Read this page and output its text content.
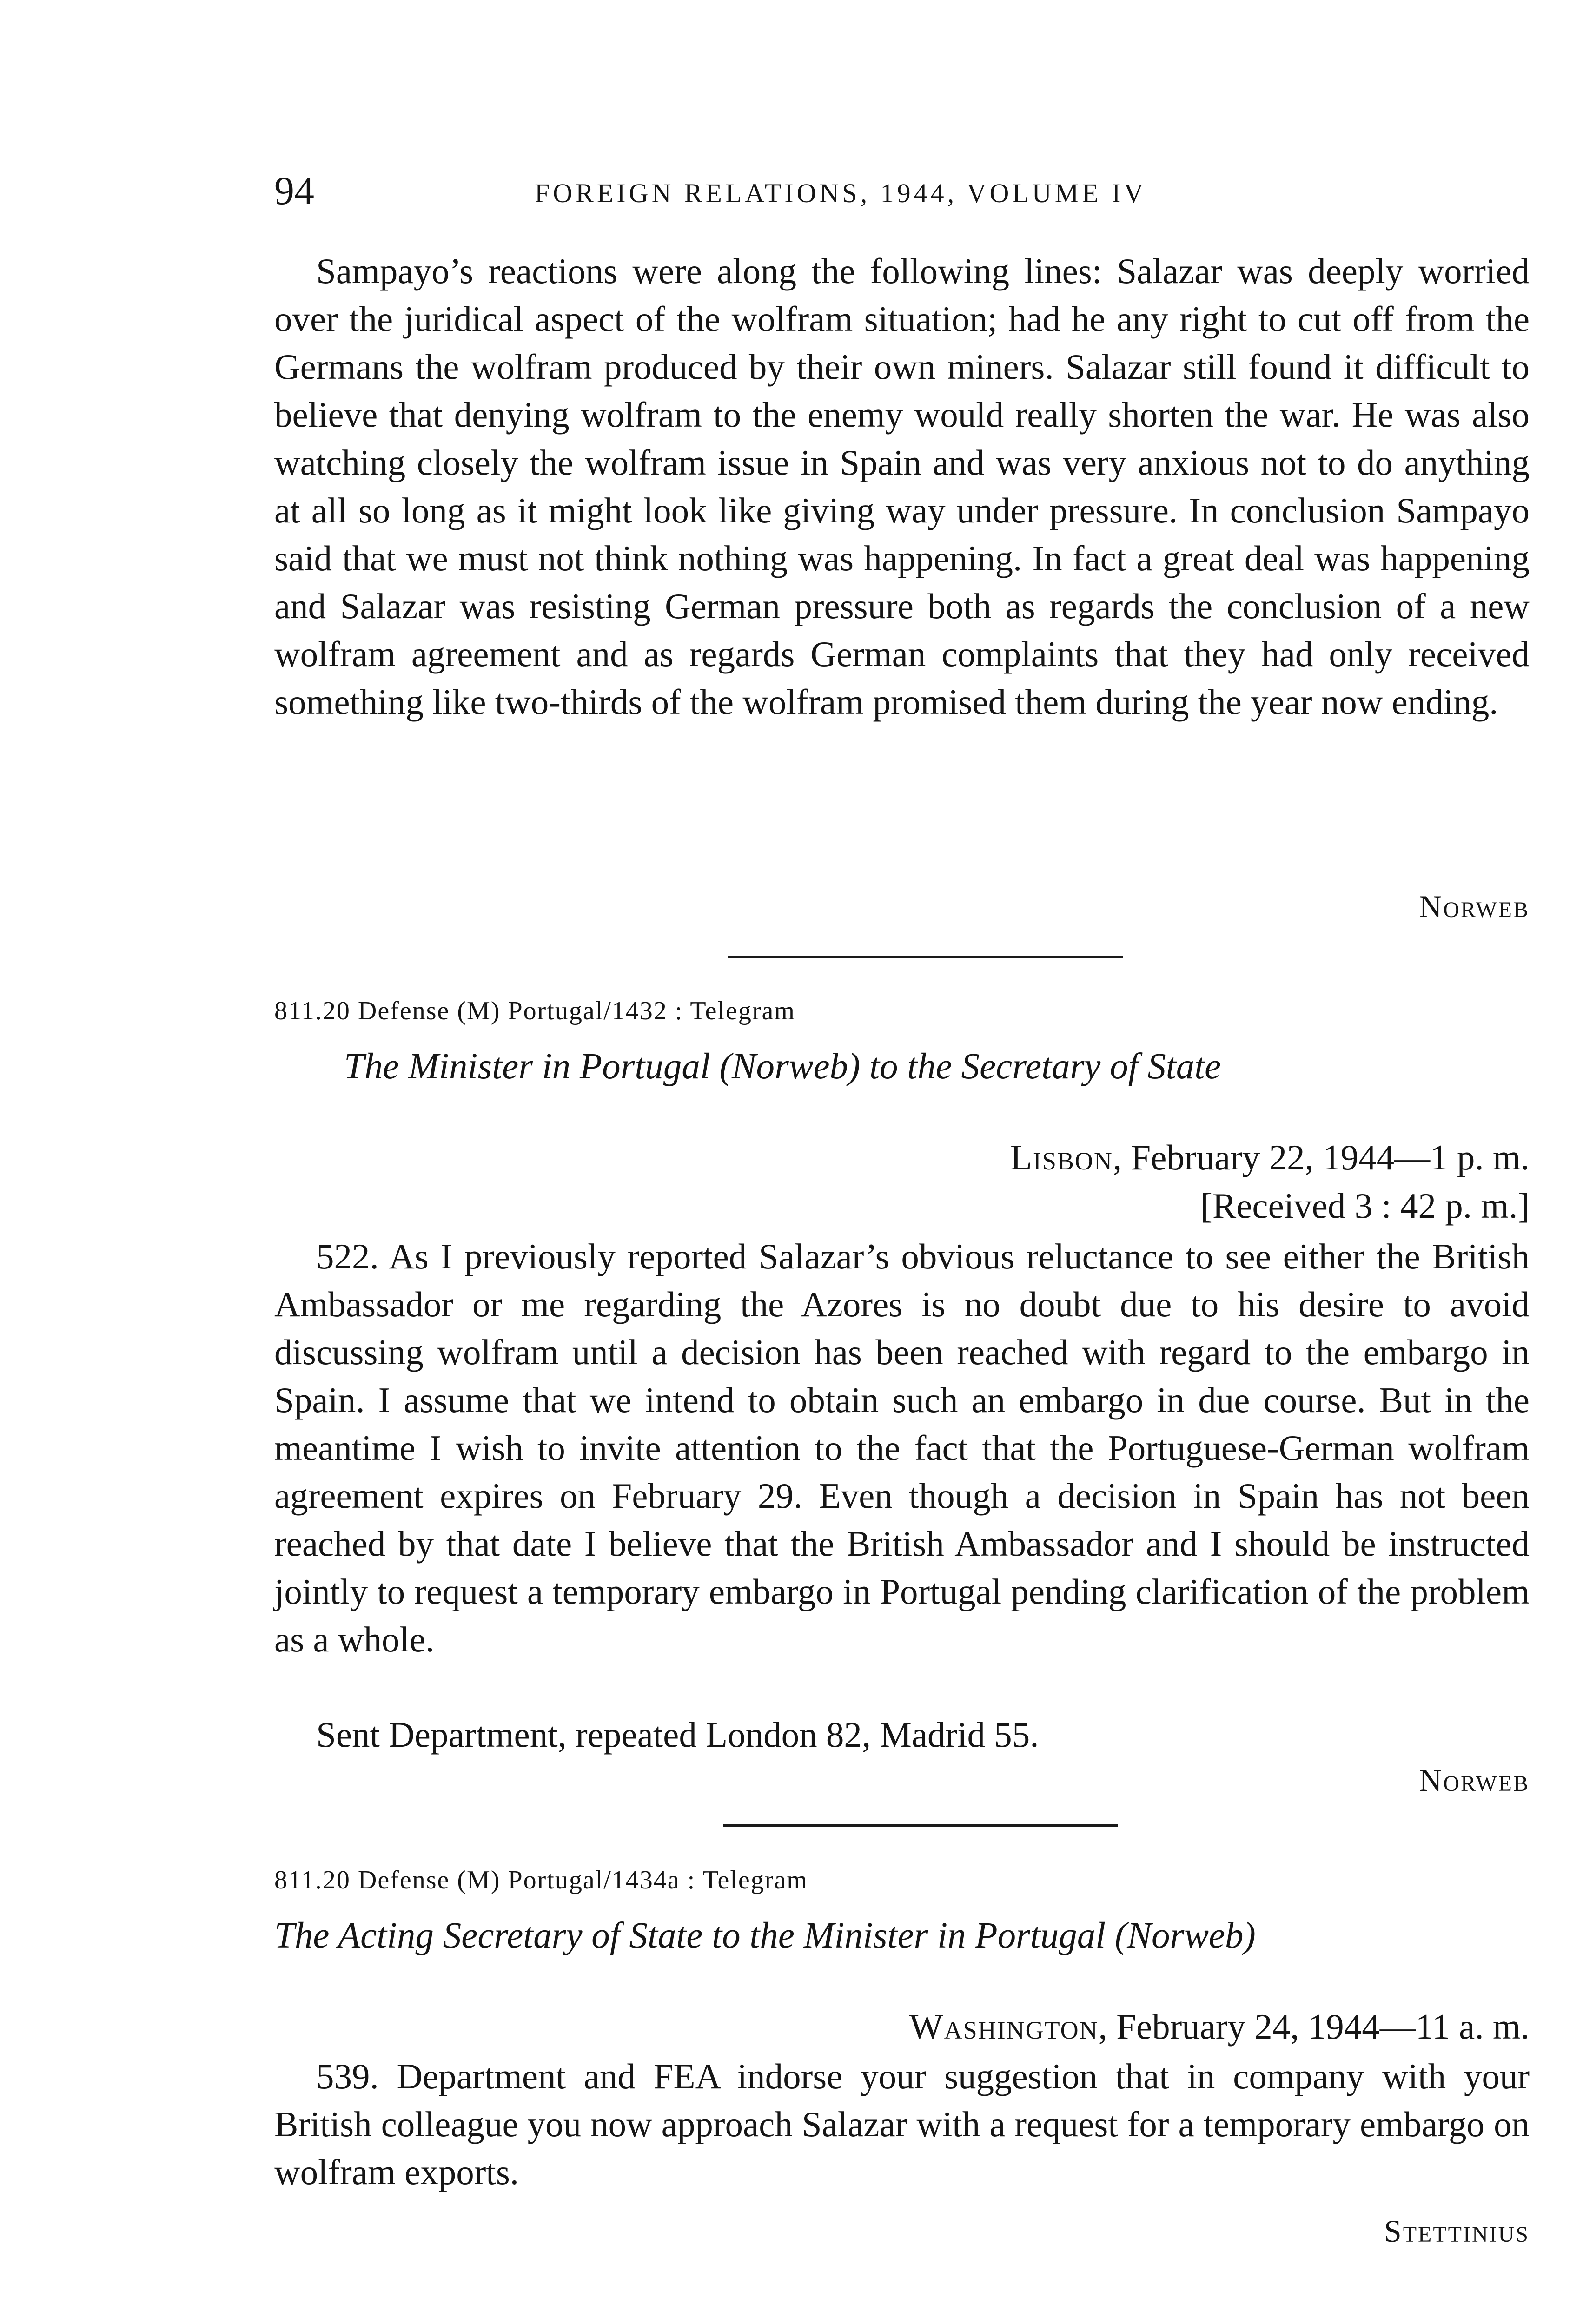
94	FOREIGN RELATIONS, 1944, VOLUME IV

Sampayo’s reactions were along the following lines: Salazar was deeply worried over the juridical aspect of the wolfram situation; had he any right to cut off from the Germans the wolfram produced by their own miners. Salazar still found it difficult to believe that denying wolfram to the enemy would really shorten the war. He was also watching closely the wolfram issue in Spain and was very anxious not to do anything at all so long as it might look like giving way under pressure. In conclusion Sampayo said that we must not think nothing was happening. In fact a great deal was happening and Salazar was resisting German pressure both as regards the conclusion of a new wolfram agreement and as regards German complaints that they had only received something like two-thirds of the wolfram promised them during the year now ending.

Norweb
811.20 Defense (M) Portugal/1432 : Telegram
The Minister in Portugal (Norweb) to the Secretary of State
Lisbon, February 22, 1944—1 p. m.
[Received 3 : 42 p. m.]

522. As I previously reported Salazar’s obvious reluctance to see either the British Ambassador or me regarding the Azores is no doubt due to his desire to avoid discussing wolfram until a decision has been reached with regard to the embargo in Spain. I assume that we intend to obtain such an embargo in due course. But in the meantime I wish to invite attention to the fact that the Portuguese-German wolfram agreement expires on February 29. Even though a decision in Spain has not been reached by that date I believe that the British Ambassador and I should be instructed jointly to request a temporary embargo in Portugal pending clarification of the problem as a whole.

Sent Department, repeated London 82, Madrid 55.

Norweb
811.20 Defense (M) Portugal/1434a : Telegram
The Acting Secretary of State to the Minister in Portugal (Norweb)
Washington, February 24, 1944—11 a. m.

539. Department and FEA indorse your suggestion that in company with your British colleague you now approach Salazar with a request for a temporary embargo on wolfram exports.

Stettinius
